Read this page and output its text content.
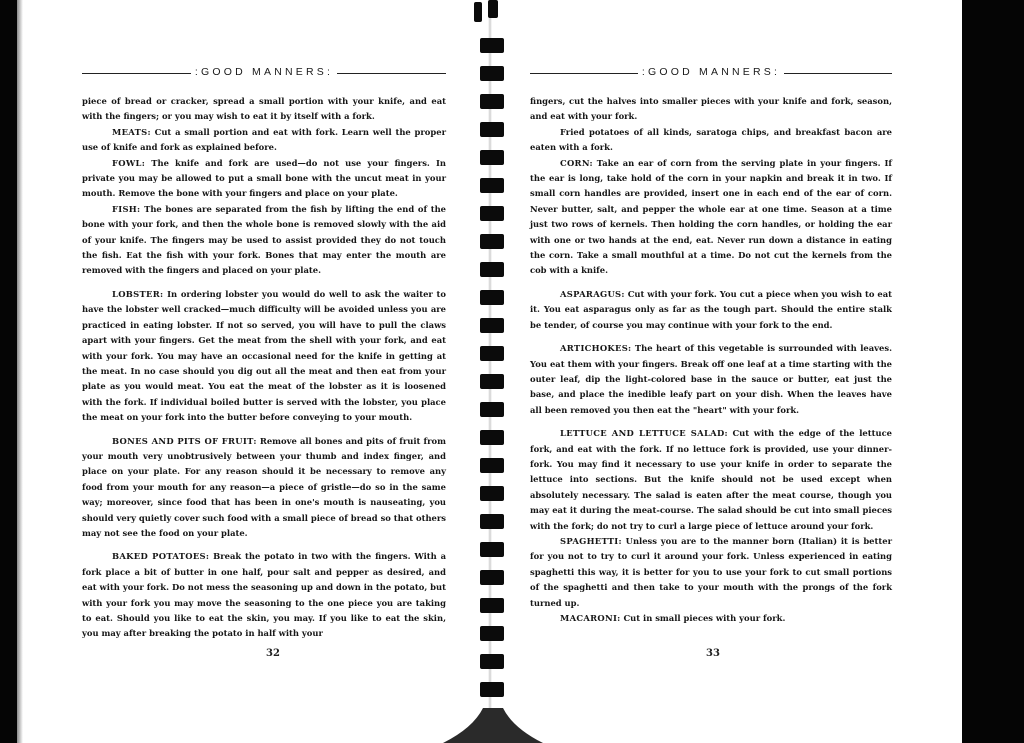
:GOOD MANNERS:

piece of bread or cracker, spread a small portion with your knife, and eat with the fingers; or you may wish to eat it by itself with a fork.

MEATS: Cut a small portion and eat with fork. Learn well the proper use of knife and fork as explained before.

FOWL: The knife and fork are used—do not use your fingers. In private you may be allowed to put a small bone with the uncut meat in your mouth. Remove the bone with your fingers and place on your plate.

FISH: The bones are separated from the fish by lifting the end of the bone with your fork, and then the whole bone is removed slowly with the aid of your knife. The fingers may be used to assist provided they do not touch the fish. Eat the fish with your fork. Bones that may enter the mouth are removed with the fingers and placed on your plate.

LOBSTER: In ordering lobster you would do well to ask the waiter to have the lobster well cracked—much difficulty will be avoided unless you are practiced in eating lobster. If not so served, you will have to pull the claws apart with your fingers. Get the meat from the shell with your fork, and eat with your fork. You may have an occasional need for the knife in getting at the meat. In no case should you dig out all the meat and then eat from your plate as you would meat. You eat the meat of the lobster as it is loosened with the fork. If individual boiled butter is served with the lobster, you place the meat on your fork into the butter before conveying to your mouth.

BONES AND PITS OF FRUIT: Remove all bones and pits of fruit from your mouth very unobtrusively between your thumb and index finger, and place on your plate. For any reason should it be necessary to remove any food from your mouth for any reason—a piece of gristle—do so in the same way; moreover, since food that has been in one's mouth is nauseating, you should very quietly cover such food with a small piece of bread so that others may not see the food on your plate.

BAKED POTATOES: Break the potato in two with the fingers. With a fork place a bit of butter in one half, pour salt and pepper as desired, and eat with your fork. Do not mess the seasoning up and down in the potato, but with your fork you may move the seasoning to the one piece you are taking to eat. Should you like to eat the skin, you may. If you like to eat the skin, you may after breaking the potato in half with your

32
:GOOD MANNERS:

fingers, cut the halves into smaller pieces with your knife and fork, season, and eat with your fork.

Fried potatoes of all kinds, saratoga chips, and breakfast bacon are eaten with a fork.

CORN: Take an ear of corn from the serving plate in your fingers. If the ear is long, take hold of the corn in your napkin and break it in two. If small corn handles are provided, insert one in each end of the ear of corn. Never butter, salt, and pepper the whole ear at one time. Season at a time just two rows of kernels. Then holding the corn handles, or holding the ear with one or two hands at the end, eat. Never run down a distance in eating the corn. Take a small mouthful at a time. Do not cut the kernels from the cob with a knife.

ASPARAGUS: Cut with your fork. You cut a piece when you wish to eat it. You eat asparagus only as far as the tough part. Should the entire stalk be tender, of course you may continue with your fork to the end.

ARTICHOKES: The heart of this vegetable is surrounded with leaves. You eat them with your fingers. Break off one leaf at a time starting with the outer leaf, dip the light-colored base in the sauce or butter, eat just the base, and place the inedible leafy part on your dish. When the leaves have all been removed you then eat the "heart" with your fork.

LETTUCE AND LETTUCE SALAD: Cut with the edge of the lettuce fork, and eat with the fork. If no lettuce fork is provided, use your dinner-fork. You may find it necessary to use your knife in order to separate the lettuce into sections. But the knife should not be used except when absolutely necessary. The salad is eaten after the meat course, though you may eat it during the meat-course. The salad should be cut into small pieces with the fork; do not try to curl a large piece of lettuce around your fork.

SPAGHETTI: Unless you are to the manner born (Italian) it is better for you not to try to curl it around your fork. Unless experienced in eating spaghetti this way, it is better for you to use your fork to cut small portions of the spaghetti and then take to your mouth with the prongs of the fork turned up.

MACARONI: Cut in small pieces with your fork.

33
